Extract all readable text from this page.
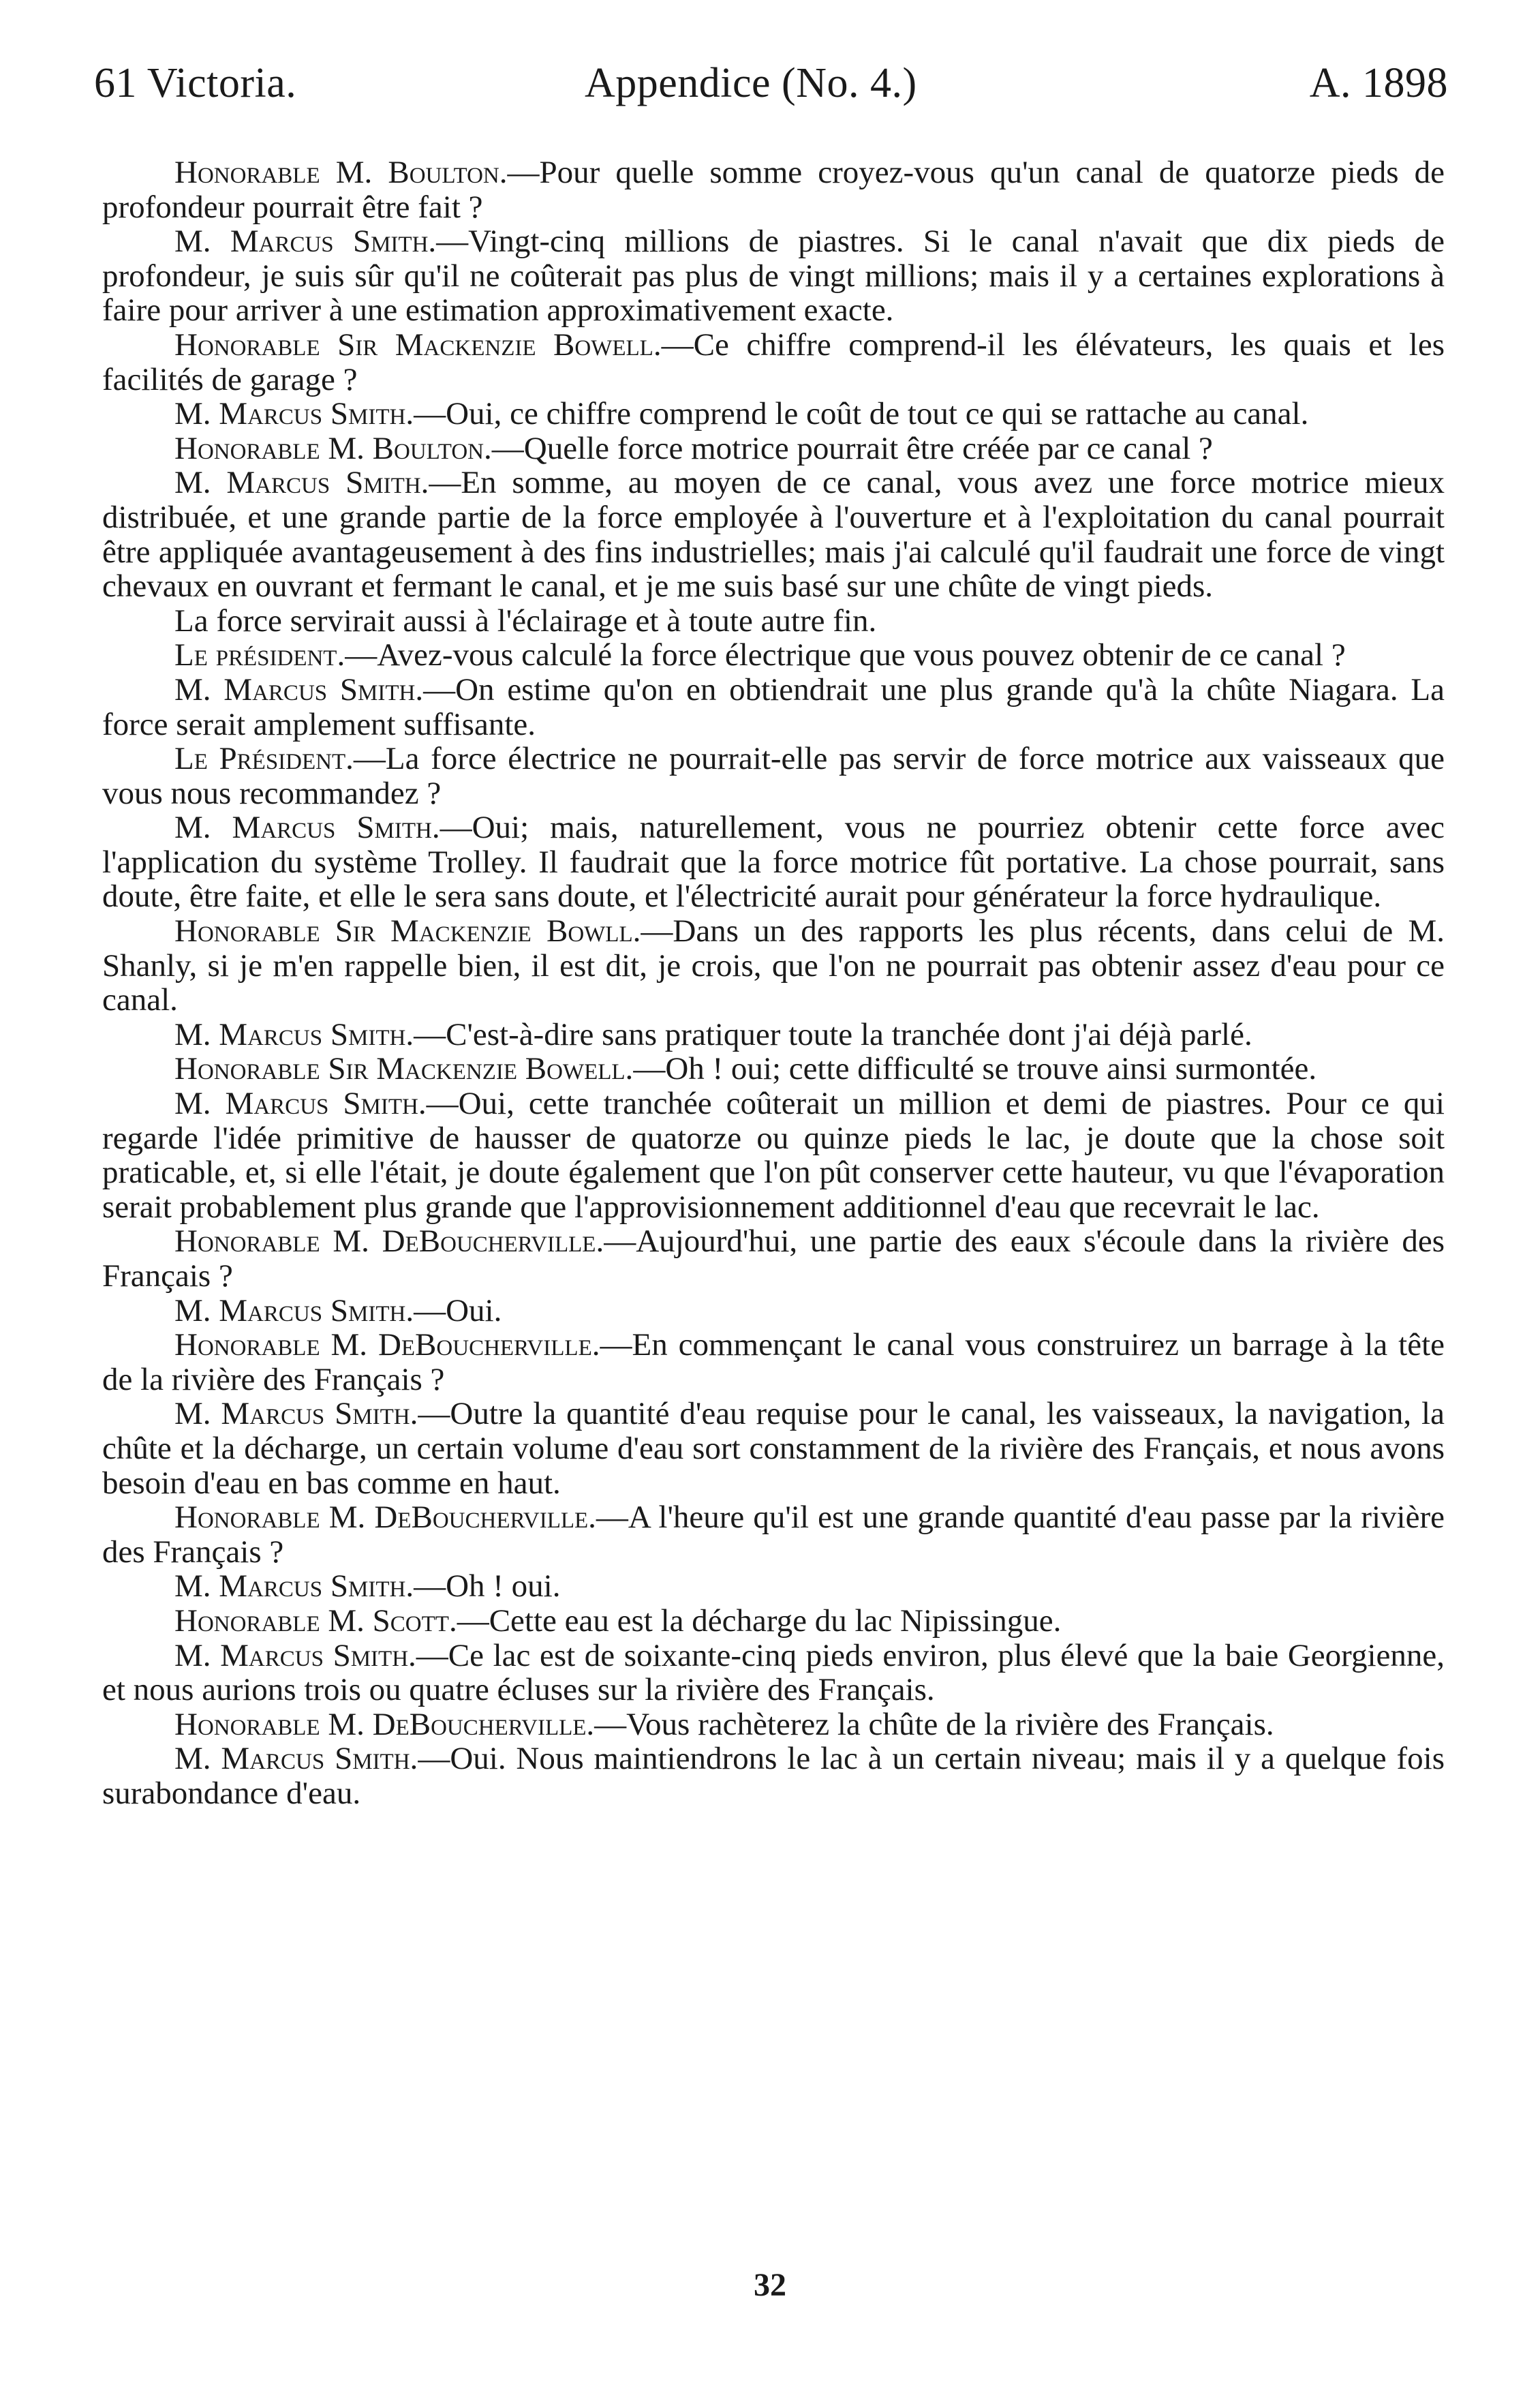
61 Victoria.	Appendice (No. 4.)	A. 1898

Honorable M. Boulton.—Pour quelle somme croyez-vous qu'un canal de quatorze pieds de profondeur pourrait être fait ?

M. Marcus Smith.—Vingt-cinq millions de piastres. Si le canal n'avait que dix pieds de profondeur, je suis sûr qu'il ne coûterait pas plus de vingt millions; mais il y a certaines explorations à faire pour arriver à une estimation approximativement exacte.

Honorable Sir Mackenzie Bowell.—Ce chiffre comprend-il les élévateurs, les quais et les facilités de garage ?

M. Marcus Smith.—Oui, ce chiffre comprend le coût de tout ce qui se rattache au canal.

Honorable M. Boulton.—Quelle force motrice pourrait être créée par ce canal ?

M. Marcus Smith.—En somme, au moyen de ce canal, vous avez une force motrice mieux distribuée, et une grande partie de la force employée à l'ouverture et à l'exploitation du canal pourrait être appliquée avantageusement à des fins industrielles; mais j'ai calculé qu'il faudrait une force de vingt chevaux en ouvrant et fermant le canal, et je me suis basé sur une chûte de vingt pieds.

La force servirait aussi à l'éclairage et à toute autre fin.

Le président.—Avez-vous calculé la force électrique que vous pouvez obtenir de ce canal ?

M. Marcus Smith.—On estime qu'on en obtiendrait une plus grande qu'à la chûte Niagara. La force serait amplement suffisante.

Le Président.—La force électrice ne pourrait-elle pas servir de force motrice aux vaisseaux que vous nous recommandez ?

M. Marcus Smith.—Oui; mais, naturellement, vous ne pourriez obtenir cette force avec l'application du système Trolley. Il faudrait que la force motrice fût portative. La chose pourrait, sans doute, être faite, et elle le sera sans doute, et l'électricité aurait pour générateur la force hydraulique.

Honorable Sir Mackenzie Bowll.—Dans un des rapports les plus récents, dans celui de M. Shanly, si je m'en rappelle bien, il est dit, je crois, que l'on ne pourrait pas obtenir assez d'eau pour ce canal.

M. Marcus Smith.—C'est-à-dire sans pratiquer toute la tranchée dont j'ai déjà parlé.

Honorable Sir Mackenzie Bowell.—Oh ! oui; cette difficulté se trouve ainsi surmontée.

M. Marcus Smith.—Oui, cette tranchée coûterait un million et demi de piastres. Pour ce qui regarde l'idée primitive de hausser de quatorze ou quinze pieds le lac, je doute que la chose soit praticable, et, si elle l'était, je doute également que l'on pût conserver cette hauteur, vu que l'évaporation serait probablement plus grande que l'approvisionnement additionnel d'eau que recevrait le lac.

Honorable M. DeBoucherville.—Aujourd'hui, une partie des eaux s'écoule dans la rivière des Français ?

M. Marcus Smith.—Oui.

Honorable M. DeBoucherville.—En commençant le canal vous construirez un barrage à la tête de la rivière des Français ?

M. Marcus Smith.—Outre la quantité d'eau requise pour le canal, les vaisseaux, la navigation, la chûte et la décharge, un certain volume d'eau sort constamment de la rivière des Français, et nous avons besoin d'eau en bas comme en haut.

Honorable M. DeBoucherville.—A l'heure qu'il est une grande quantité d'eau passe par la rivière des Français ?

M. Marcus Smith.—Oh ! oui.

Honorable M. Scott.—Cette eau est la décharge du lac Nipissingue.

M. Marcus Smith.—Ce lac est de soixante-cinq pieds environ, plus élevé que la baie Georgienne, et nous aurions trois ou quatre écluses sur la rivière des Français.

Honorable M. DeBoucherville.—Vous rachèterez la chûte de la rivière des Français.

M. Marcus Smith.—Oui. Nous maintiendrons le lac à un certain niveau; mais il y a quelque fois surabondance d'eau.

32
